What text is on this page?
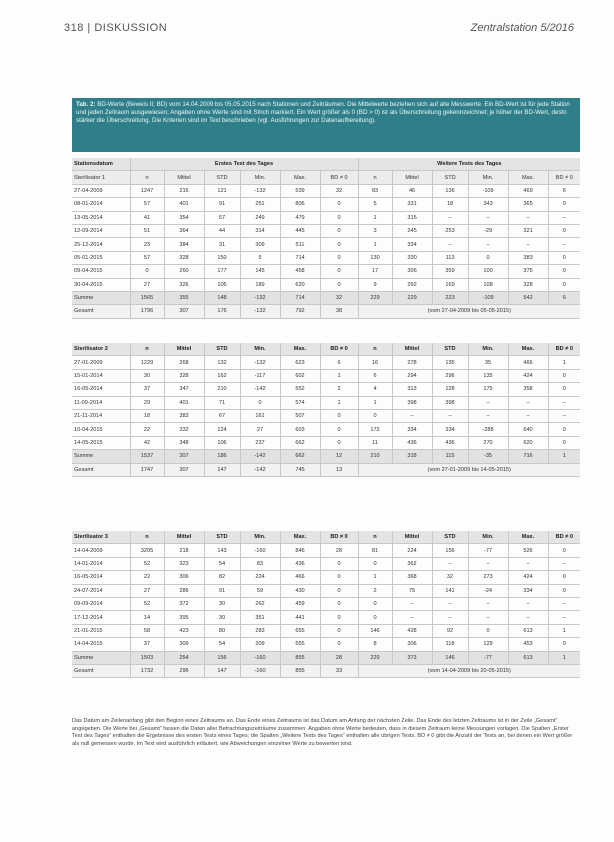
318 | DISKUSSION	Zentralstation 5/2016
Tab. 2: BD-Werte (Beweis II; BD) vom 14.04.2009 bis 05.05.2015 nach Stationen und Zeiträumen. Die Mittelwerte beziehen sich auf alle Messwerte. Ein BD-Wert ist für jede Station und jeden Zeitraum ausgewiesen; Angaben ohne Werte sind mit Strich markiert. Ein Wert größer als 0 (BD > 0) ist als Überschreitung gekennzeichnet; je höher der BD-Wert, desto stärker die Überschreitung. Die Kriterien sind im Text beschrieben (vgl. Ausführungen zur Datenaufbereitung).
Stationsdatum	Erstes Test des Tages						Weitere Tests des Tages					
Sterilisator 1	n	Mittel	STD	Min.	Max.	BD ≠ 0	n	Mittel	STD	Min.	Max.	BD ≠ 0
27-04-2009	1247	216	121	-132	539	32	83	46	136	-109	469	6
08-01-2014	57	401	91	251	806	0	5	331	18	343	365	0
13-05-2014	41	354	57	249	479	0	1	315	–	–	–	–
12-09-2014	51	364	44	314	445	0	3	245	253	-29	321	0
25-12-2014	23	384	31	309	511	0	1	334	–	–	–	–
05-01-2015	57	328	150	5	714	0	130	330	113	0	383	0
09-04-2015	0	260	177	145	458	0	17	306	359	100	375	0
30-04-2015	27	326	105	189	620	0	9	292	169	108	328	0
Summe	1565	355	148	-132	714	32	229	229	223	-109	542	6
Gesamt	1796	307	176	-132	792	38	(vom 27-04-2009 bis 05-05-2015)					
Sterilisator 2	n	Mittel	STD	Min.	Max.	BD ≠ 0	n	Mittel	STD	Min.	Max.	BD ≠ 0
27-01-2009	1229	268	132	-132	623	6	16	278	135	35	466	1
15-01-2014	30	328	162	-117	602	1	6	294	296	135	424	0
16-05-2014	37	347	210	-142	552	2	4	313	128	175	358	0
11-09-2014	29	401	71	0	574	1	1	398	398	–	–	–
21-11-2014	18	383	67	161	507	0	0	–	–	–	–	–
10-04-2015	22	332	124	27	603	0	172	334	334	-288	640	0
14-05-2015	42	348	106	237	662	0	11	436	436	270	620	0
Summe	1537	307	186	-142	662	12	210	318	115	-35	716	1
Gesamt	1747	307	147	-142	745	13	(vom 27-01-2009 bis 14-05-2015)					
Sterilisator 3	n	Mittel	STD	Min.	Max.	BD ≠ 0	n	Mittel	STD	Min.	Max.	BD ≠ 0
14-04-2009	3205	218	143	-160	846	28	81	224	156	-77	526	0
14-01-2014	52	323	54	83	436	0	0	362	–	–	–	–
16-05-2014	22	306	82	224	466	0	1	368	32	273	424	0
24-07-2014	27	286	91	59	430	0	2	75	141	-24	334	0
09-09-2014	52	372	30	262	459	0	0	–	–	–	–	–
17-12-2014	14	395	30	351	441	0	0	–	–	–	–	–
21-01-2015	58	423	80	283	655	0	146	428	92	0	613	1
14-04-2015	37	309	54	209	555	0	8	306	118	129	453	0
Summe	1503	254	156	-160	855	28	229	373	146	-77	613	1
Gesamt	1732	296	147	-160	855	33	(vom 14-04-2009 bis 20-05-2015)					
Das Datum am Zeilenanfang gibt den Beginn eines Zeitraums an. Das Ende eines Zeitraums ist das Datum am Anfang der nächsten Zeile. Das Ende des letzten Zeitraums ist in der Zeile „Gesamt“ angegeben. Die Werte bei „Gesamt“ fassen die Daten aller Betrachtungszeiträume zusammen. Angaben ohne Werte bedeuten, dass in diesem Zeitraum keine Messungen vorlagen. Die Spalten „Erster Test des Tages“ enthalten die Ergebnisse des ersten Tests eines Tages; die Spalten „Weitere Tests des Tages“ enthalten alle übrigen Tests. BD ≠ 0 gibt die Anzahl der Tests an, bei denen ein Wert größer als null gemessen wurde. Im Text wird ausführlich erläutert, wie Abweichungen einzelner Werte zu bewerten sind.
